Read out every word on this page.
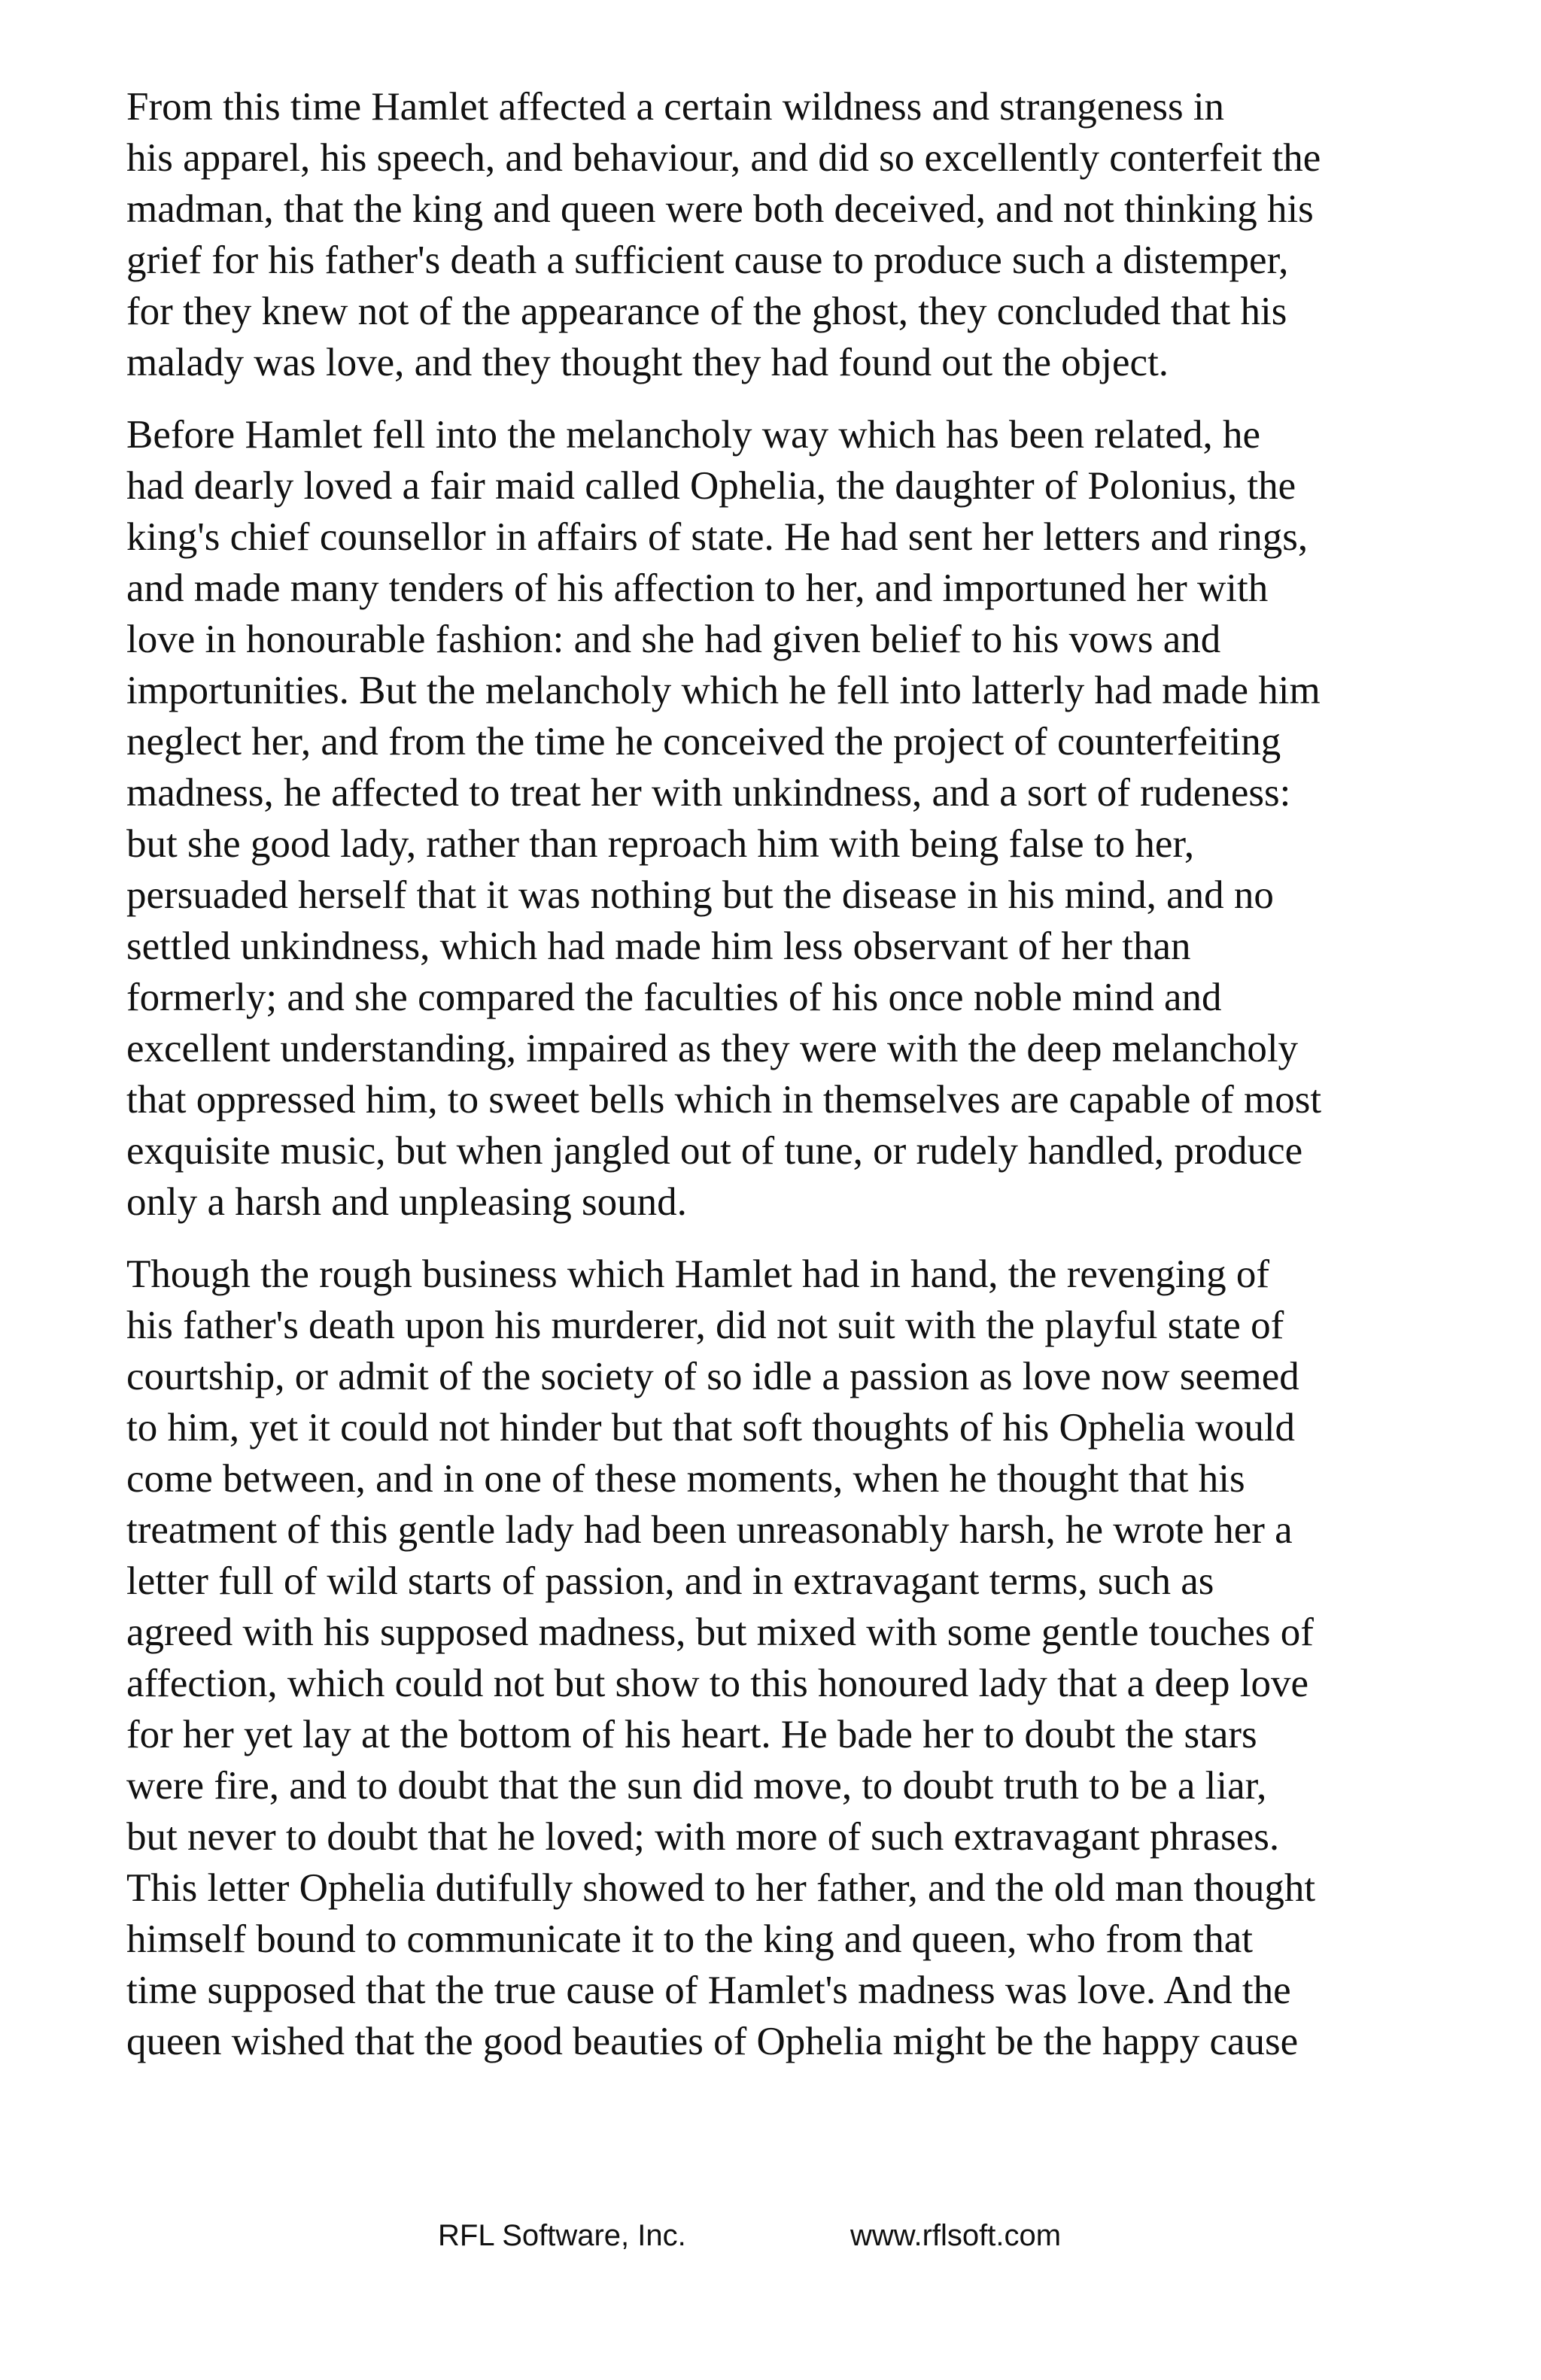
From this time Hamlet affected a certain wildness and strangeness in
his apparel, his speech, and behaviour, and did so excellently conterfeit the
madman, that the king and queen were both deceived, and not thinking his
grief for his father's death a sufficient cause to produce such a distemper,
for they knew not of the appearance of the ghost, they concluded that his
malady was love, and they thought they had found out the object.

Before Hamlet fell into the melancholy way which has been related, he
had dearly loved a fair maid called Ophelia, the daughter of Polonius, the
king's chief counsellor in affairs of state. He had sent her letters and rings,
and made many tenders of his affection to her, and importuned her with
love in honourable fashion: and she had given belief to his vows and
importunities. But the melancholy which he fell into latterly had made him
neglect her, and from the time he conceived the project of counterfeiting
madness, he affected to treat her with unkindness, and a sort of rudeness:
but she good lady, rather than reproach him with being false to her,
persuaded herself that it was nothing but the disease in his mind, and no
settled unkindness, which had made him less observant of her than
formerly; and she compared the faculties of his once noble mind and
excellent understanding, impaired as they were with the deep melancholy
that oppressed him, to sweet bells which in themselves are capable of most
exquisite music, but when jangled out of tune, or rudely handled, produce
only a harsh and unpleasing sound.

Though the rough business which Hamlet had in hand, the revenging of
his father's death upon his murderer, did not suit with the playful state of
courtship, or admit of the society of so idle a passion as love now seemed
to him, yet it could not hinder but that soft thoughts of his Ophelia would
come between, and in one of these moments, when he thought that his
treatment of this gentle lady had been unreasonably harsh, he wrote her a
letter full of wild starts of passion, and in extravagant terms, such as
agreed with his supposed madness, but mixed with some gentle touches of
affection, which could not but show to this honoured lady that a deep love
for her yet lay at the bottom of his heart. He bade her to doubt the stars
were fire, and to doubt that the sun did move, to doubt truth to be a liar,
but never to doubt that he loved; with more of such extravagant phrases.
This letter Ophelia dutifully showed to her father, and the old man thought
himself bound to communicate it to the king and queen, who from that
time supposed that the true cause of Hamlet's madness was love. And the
queen wished that the good beauties of Ophelia might be the happy cause

RFL Software, Inc.	www.rflsoft.com
